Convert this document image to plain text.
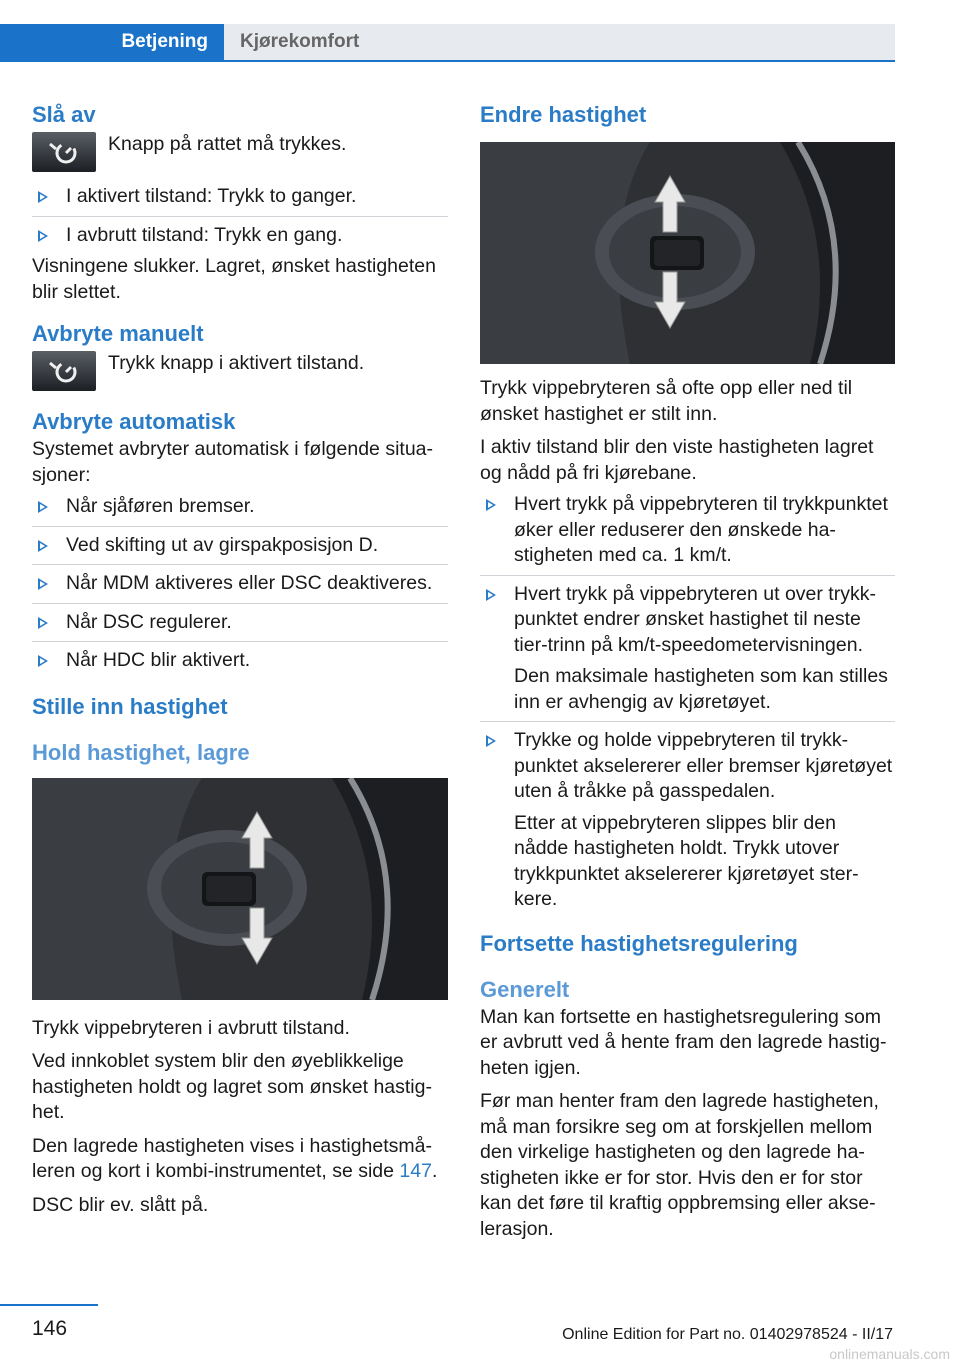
Betjening	Kjørekomfort
Slå av
Knapp på rattet må trykkes.
I aktivert tilstand: Trykk to ganger.
I avbrutt tilstand: Trykk en gang.

Visningene slukker. Lagret, ønsket hastigheten blir slettet.

Avbryte manuelt
Trykk knapp i aktivert tilstand.
Avbryte automatisk

Systemet avbryter automatisk i følgende situasjoner:

Når sjåføren bremser.
Ved skifting ut av girspakposisjon D.
Når MDM aktiveres eller DSC deaktiveres.
Når DSC regulerer.
Når HDC blir aktivert.
Stille inn hastighet
Hold hastighet, lagre

Trykk vippebryteren i avbrutt tilstand.

Ved innkoblet system blir den øyeblikkelige hastigheten holdt og lagret som ønsket hastighet.

Den lagrede hastigheten vises i hastighetsmåleren og kort i kombi-instrumentet, se side 147.

DSC blir ev. slått på.

Endre hastighet

Trykk vippebryteren så ofte opp eller ned til ønsket hastighet er stilt inn.

I aktiv tilstand blir den viste hastigheten lagret og nådd på fri kjørebane.

Hvert trykk på vippebryteren til trykkpunktet øker eller reduserer den ønskede hastigheten med ca. 1 km/t.
Hvert trykk på vippebryteren ut over trykkpunktet endrer ønsket hastighet til neste tier-trinn på km/t-speedometervisningen.
Den maksimale hastigheten som kan stilles inn er avhengig av kjøretøyet.
Trykke og holde vippebryteren til trykkpunktet akselererer eller bremser kjøretøyet uten å tråkke på gasspedalen.
Etter at vippebryteren slippes blir den nådde hastigheten holdt. Trykk utover trykkpunktet akselererer kjøretøyet sterkere.
Fortsette hastighetsregulering
Generelt

Man kan fortsette en hastighetsregulering som er avbrutt ved å hente fram den lagrede hastigheten igjen.

Før man henter fram den lagrede hastigheten, må man forsikre seg om at forskjellen mellom den virkelige hastigheten og den lagrede hastigheten ikke er for stor. Hvis den er for stor kan det føre til kraftig oppbremsing eller akselerasjon.

146	Online Edition for Part no. 01402978524 - II/17
onlinemanuals.com
